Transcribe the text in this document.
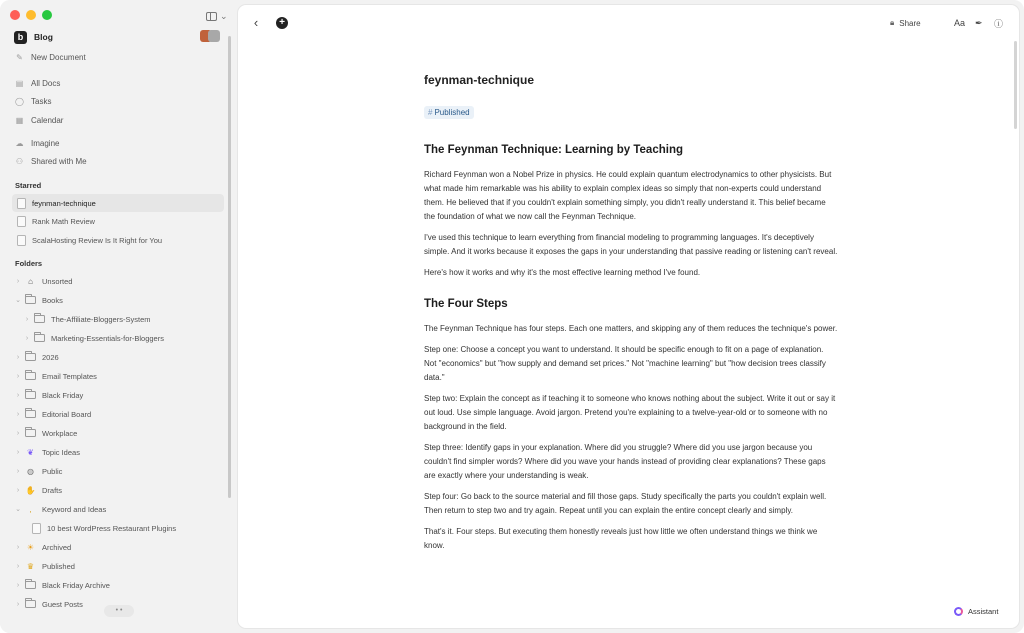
⌄
b	Blog
✎ New Document
▤ All Docs
◯ Tasks
▦ Calendar
☁ Imagine
⚇ Shared with Me
Starred
feynman-technique
Rank Math Review
ScalaHosting Review Is It Right for You
Folders
›	⌂	Unsorted
⌄	Books
›	The-Affiliate-Bloggers-System
›	Marketing-Essentials-for-Bloggers
›	2026
›	Email Templates
›	Black Friday
›	Editorial Board
›	Workplace
› ❦ Topic Ideas
› ◍ Public
› ✋ Drafts
⌄	,	Keyword and Ideas
10 best WordPress Restaurant Plugins
› ☀ Archived
› ♛ Published
›	Black Friday Archive
›	Guest Posts
• •
‹	+	🔒︎ Share	Aa ✒ ⓘ
feynman-technique
# Published
The Feynman Technique: Learning by Teaching
Richard Feynman won a Nobel Prize in physics. He could explain quantum electrodynamics to other physicists. But what made him remarkable was his ability to explain complex ideas so simply that non-experts could understand them. He believed that if you couldn't explain something simply, you didn't really understand it. This belief became the foundation of what we now call the Feynman Technique.
I've used this technique to learn everything from financial modeling to programming languages. It's deceptively simple. And it works because it exposes the gaps in your understanding that passive reading or listening can't reveal.
Here's how it works and why it's the most effective learning method I've found.
The Four Steps
The Feynman Technique has four steps. Each one matters, and skipping any of them reduces the technique's power.
Step one: Choose a concept you want to understand. It should be specific enough to fit on a page of explanation. Not "economics" but "how supply and demand set prices." Not "machine learning" but "how decision trees classify data."
Step two: Explain the concept as if teaching it to someone who knows nothing about the subject. Write it out or say it out loud. Use simple language. Avoid jargon. Pretend you're explaining to a twelve-year-old or to someone with no background in the field.
Step three: Identify gaps in your explanation. Where did you struggle? Where did you use jargon because you couldn't find simpler words? Where did you wave your hands instead of providing clear explanations? These gaps are exactly where your understanding is weak.
Step four: Go back to the source material and fill those gaps. Study specifically the parts you couldn't explain well. Then return to step two and try again. Repeat until you can explain the entire concept clearly and simply.
That's it. Four steps. But executing them honestly reveals just how little we often understand things we think we know.
Assistant
